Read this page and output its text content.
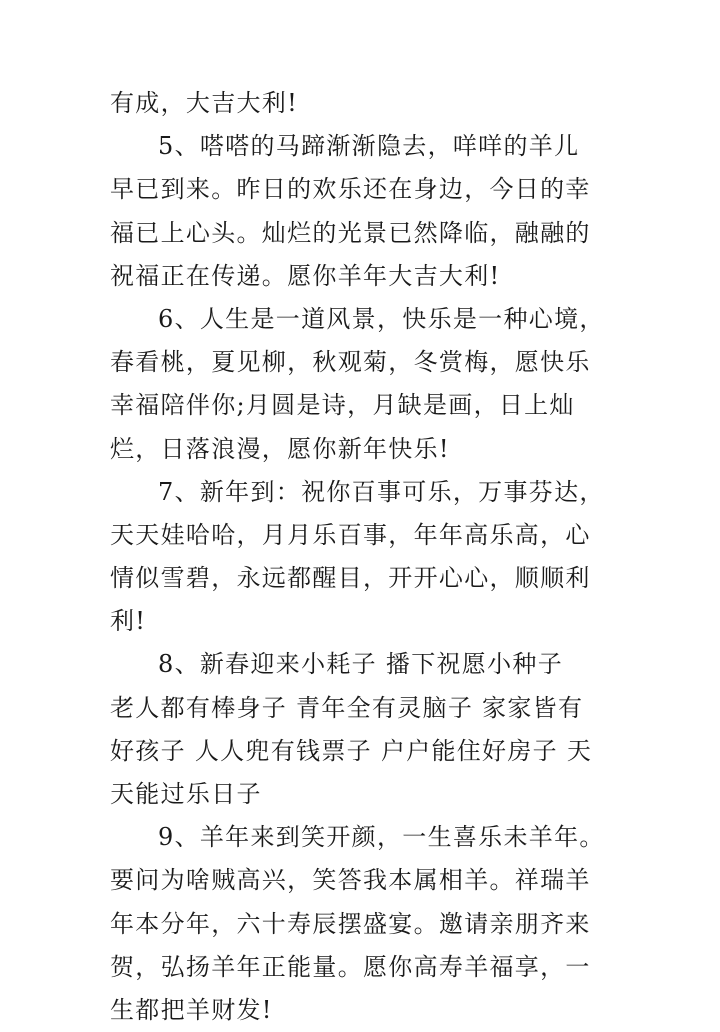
有成，大吉大利!
5、嗒嗒的马蹄渐渐隐去，咩咩的羊儿
早已到来。昨日的欢乐还在身边，今日的幸
福已上心头。灿烂的光景已然降临，融融的
祝福正在传递。愿你羊年大吉大利!
6、人生是一道风景，快乐是一种心境，
春看桃，夏见柳，秋观菊，冬赏梅，愿快乐
幸福陪伴你;月圆是诗，月缺是画，日上灿
烂，日落浪漫，愿你新年快乐!
7、新年到：祝你百事可乐，万事芬达，
天天娃哈哈，月月乐百事，年年高乐高，心
情似雪碧，永远都醒目，开开心心，顺顺利
利!
8、新春迎来小耗子 播下祝愿小种子
老人都有棒身子 青年全有灵脑子 家家皆有
好孩子 人人兜有钱票子 户户能住好房子 天
天能过乐日子
9、羊年来到笑开颜，一生喜乐未羊年。
要问为啥贼高兴，笑答我本属相羊。祥瑞羊
年本分年，六十寿辰摆盛宴。邀请亲朋齐来
贺，弘扬羊年正能量。愿你高寿羊福享，一
生都把羊财发!
